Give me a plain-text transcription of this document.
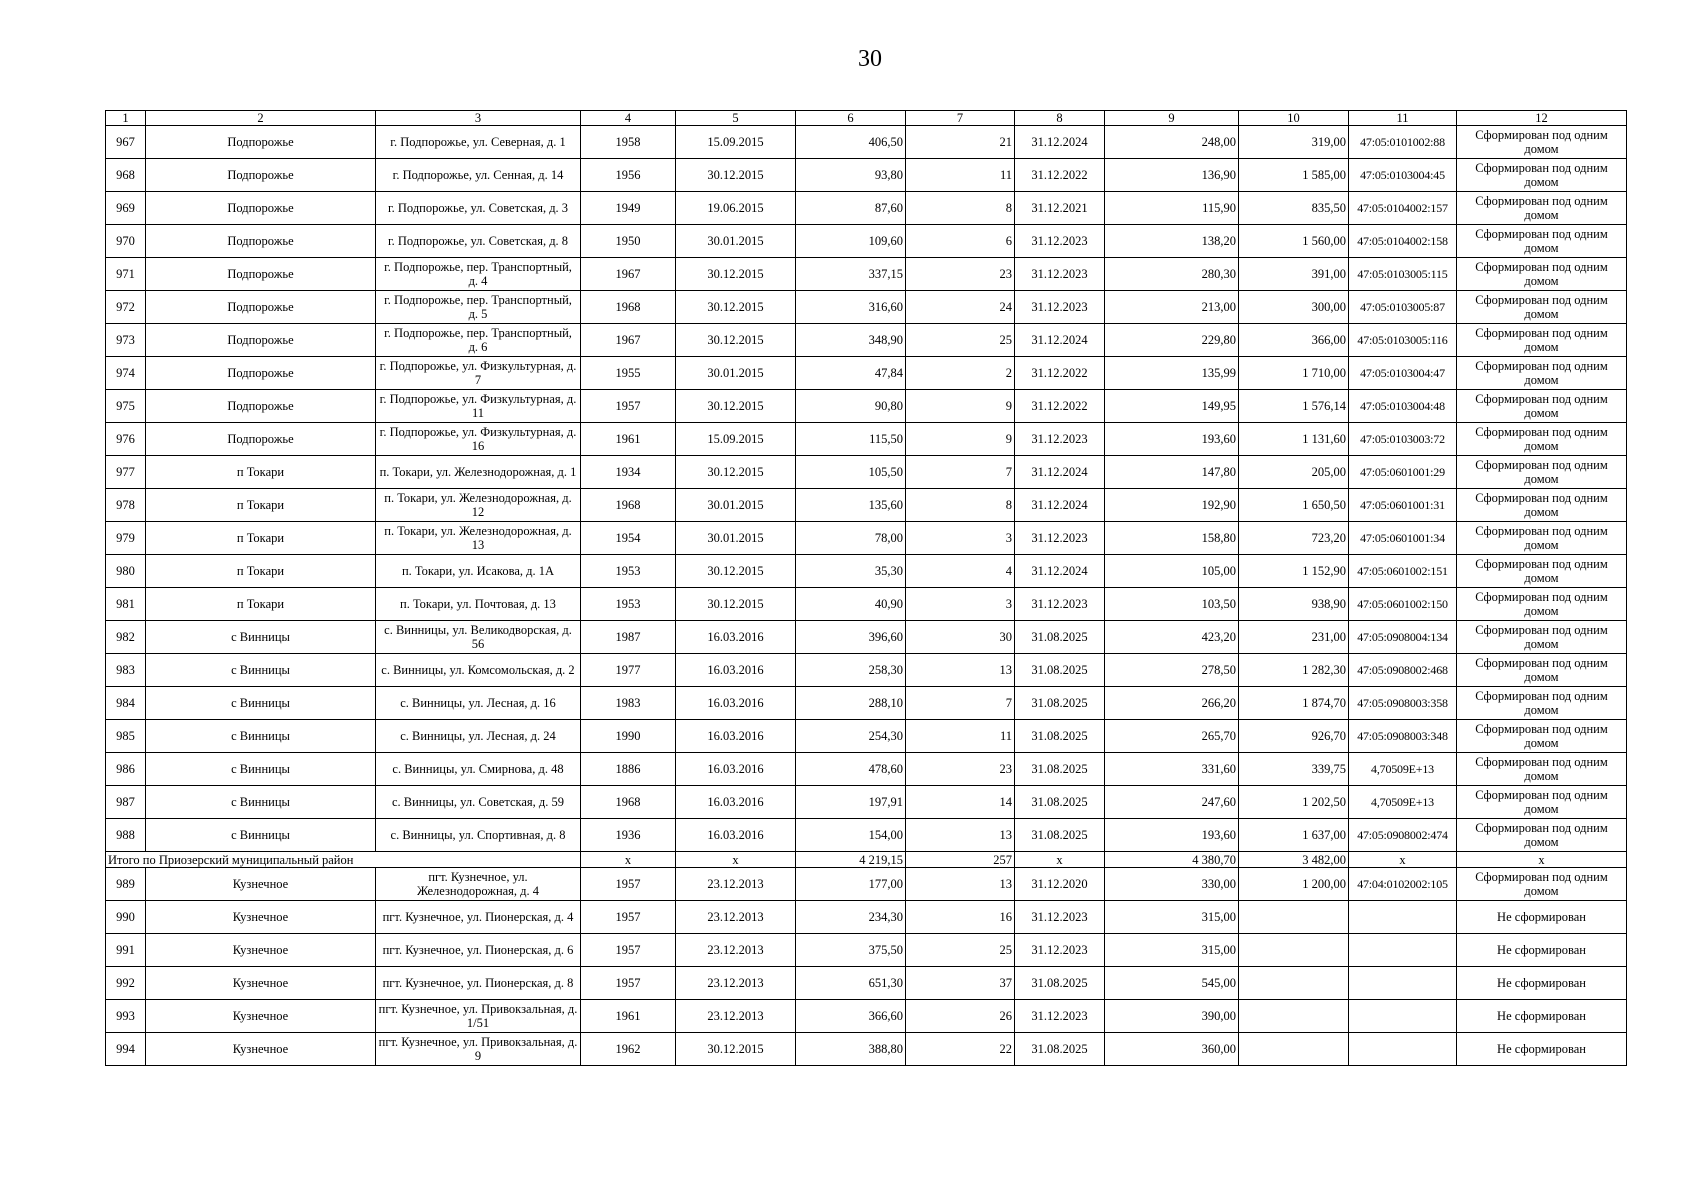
30
1	2	3	4	5	6	7	8	9	10	11	12
967	Подпорожье	г. Подпорожье, ул. Северная, д. 1	1958	15.09.2015	406,50	21	31.12.2024	248,00	319,00	47:05:0101002:88	Сформирован под одним домом
968	Подпорожье	г. Подпорожье, ул. Сенная, д. 14	1956	30.12.2015	93,80	11	31.12.2022	136,90	1 585,00	47:05:0103004:45	Сформирован под одним домом
969	Подпорожье	г. Подпорожье, ул. Советская, д. 3	1949	19.06.2015	87,60	8	31.12.2021	115,90	835,50	47:05:0104002:157	Сформирован под одним домом
970	Подпорожье	г. Подпорожье, ул. Советская, д. 8	1950	30.01.2015	109,60	6	31.12.2023	138,20	1 560,00	47:05:0104002:158	Сформирован под одним домом
971	Подпорожье	г. Подпорожье, пер. Транспортный, д. 4	1967	30.12.2015	337,15	23	31.12.2023	280,30	391,00	47:05:0103005:115	Сформирован под одним домом
972	Подпорожье	г. Подпорожье, пер. Транспортный, д. 5	1968	30.12.2015	316,60	24	31.12.2023	213,00	300,00	47:05:0103005:87	Сформирован под одним домом
973	Подпорожье	г. Подпорожье, пер. Транспортный, д. 6	1967	30.12.2015	348,90	25	31.12.2024	229,80	366,00	47:05:0103005:116	Сформирован под одним домом
974	Подпорожье	г. Подпорожье, ул. Физкультурная, д. 7	1955	30.01.2015	47,84	2	31.12.2022	135,99	1 710,00	47:05:0103004:47	Сформирован под одним домом
975	Подпорожье	г. Подпорожье, ул. Физкультурная, д. 11	1957	30.12.2015	90,80	9	31.12.2022	149,95	1 576,14	47:05:0103004:48	Сформирован под одним домом
976	Подпорожье	г. Подпорожье, ул. Физкультурная, д. 16	1961	15.09.2015	115,50	9	31.12.2023	193,60	1 131,60	47:05:0103003:72	Сформирован под одним домом
977	п Токари	п. Токари, ул. Железнодорожная, д. 1	1934	30.12.2015	105,50	7	31.12.2024	147,80	205,00	47:05:0601001:29	Сформирован под одним домом
978	п Токари	п. Токари, ул. Железнодорожная, д. 12	1968	30.01.2015	135,60	8	31.12.2024	192,90	1 650,50	47:05:0601001:31	Сформирован под одним домом
979	п Токари	п. Токари, ул. Железнодорожная, д. 13	1954	30.01.2015	78,00	3	31.12.2023	158,80	723,20	47:05:0601001:34	Сформирован под одним домом
980	п Токари	п. Токари, ул. Исакова, д. 1А	1953	30.12.2015	35,30	4	31.12.2024	105,00	1 152,90	47:05:0601002:151	Сформирован под одним домом
981	п Токари	п. Токари, ул. Почтовая, д. 13	1953	30.12.2015	40,90	3	31.12.2023	103,50	938,90	47:05:0601002:150	Сформирован под одним домом
982	с Винницы	с. Винницы, ул. Великодворская, д. 56	1987	16.03.2016	396,60	30	31.08.2025	423,20	231,00	47:05:0908004:134	Сформирован под одним домом
983	с Винницы	с. Винницы, ул. Комсомольская, д. 2	1977	16.03.2016	258,30	13	31.08.2025	278,50	1 282,30	47:05:0908002:468	Сформирован под одним домом
984	с Винницы	с. Винницы, ул. Лесная, д. 16	1983	16.03.2016	288,10	7	31.08.2025	266,20	1 874,70	47:05:0908003:358	Сформирован под одним домом
985	с Винницы	с. Винницы, ул. Лесная, д. 24	1990	16.03.2016	254,30	11	31.08.2025	265,70	926,70	47:05:0908003:348	Сформирован под одним домом
986	с Винницы	с. Винницы, ул. Смирнова, д. 48	1886	16.03.2016	478,60	23	31.08.2025	331,60	339,75	4,70509E+13	Сформирован под одним домом
987	с Винницы	с. Винницы, ул. Советская, д. 59	1968	16.03.2016	197,91	14	31.08.2025	247,60	1 202,50	4,70509E+13	Сформирован под одним домом
988	с Винницы	с. Винницы, ул. Спортивная, д. 8	1936	16.03.2016	154,00	13	31.08.2025	193,60	1 637,00	47:05:0908002:474	Сформирован под одним домом
Итого по Приозерский муниципальный район			x	x	4 219,15	257	x	4 380,70	3 482,00	x	x
989	Кузнечное	пгт. Кузнечное, ул. Железнодорожная, д. 4	1957	23.12.2013	177,00	13	31.12.2020	330,00	1 200,00	47:04:0102002:105	Сформирован под одним домом
990	Кузнечное	пгт. Кузнечное, ул. Пионерская, д. 4	1957	23.12.2013	234,30	16	31.12.2023	315,00			Не сформирован
991	Кузнечное	пгт. Кузнечное, ул. Пионерская, д. 6	1957	23.12.2013	375,50	25	31.12.2023	315,00			Не сформирован
992	Кузнечное	пгт. Кузнечное, ул. Пионерская, д. 8	1957	23.12.2013	651,30	37	31.08.2025	545,00			Не сформирован
993	Кузнечное	пгт. Кузнечное, ул. Привокзальная, д. 1/51	1961	23.12.2013	366,60	26	31.12.2023	390,00			Не сформирован
994	Кузнечное	пгт. Кузнечное, ул. Привокзальная, д. 9	1962	30.12.2015	388,80	22	31.08.2025	360,00			Не сформирован
